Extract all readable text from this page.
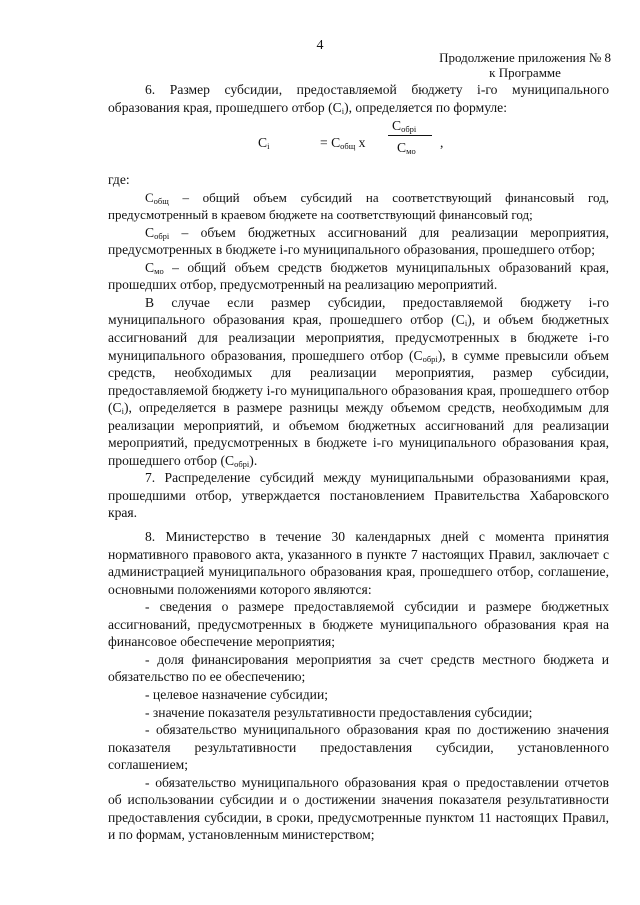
4
Продолжение приложения № 8
к Программе

6. Размер субсидии, предоставляемой бюджету i-го муниципального образования края, прошедшего отбор $(C_i)$, определяется по формуле:

$C_i$	= $C_{общ}$ x
$C_{обрi}$
$C_{мо}$
,

где:

$C_{общ}$ – общий объем субсидий на соответствующий финансовый год, предусмотренный в краевом бюджете на соответствующий финансовый год;

$C_{обрi}$ – объем бюджетных ассигнований для реализации мероприятия, предусмотренных в бюджете i-го муниципального образования, прошедшего отбор;

$C_{мо}$ – общий объем средств бюджетов муниципальных образований края, прошедших отбор, предусмотренный на реализацию мероприятий.

В случае если размер субсидии, предоставляемой бюджету i-го муниципального образования края, прошедшего отбор $(C_i)$, и объем бюджетных ассигнований для реализации мероприятия, предусмотренных в бюджете i-го муниципального образования, прошедшего отбор $(C_{обрi})$, в сумме превысили объем средств, необходимых для реализации мероприятия, размер субсидии, предоставляемой бюджету i-го муниципального образования края, прошедшего отбор $(C_i)$, определяется в размере разницы между объемом средств, необходимым для реализации мероприятий, и объемом бюджетных ассигнований для реализации мероприятий, предусмотренных в бюджете i-го муниципального образования края, прошедшего отбор $(C_{обрi})$.

7. Распределение субсидий между муниципальными образованиями края, прошедшими отбор, утверждается постановлением Правительства Хабаровского края.

8. Министерство в течение 30 календарных дней с момента принятия нормативного правового акта, указанного в пункте 7 настоящих Правил, заключает с администрацией муниципального образования края, прошедшего отбор, соглашение, основными положениями которого являются:

- сведения о размере предоставляемой субсидии и размере бюджетных ассигнований, предусмотренных в бюджете муниципального образования края на финансовое обеспечение мероприятия;

- доля финансирования мероприятия за счет средств местного бюджета и обязательство по ее обеспечению;

- целевое назначение субсидии;

- значение показателя результативности предоставления субсидии;

- обязательство муниципального образования края по достижению значения показателя результативности предоставления субсидии, установленного соглашением;

- обязательство муниципального образования края о предоставлении отчетов об использовании субсидии и о достижении значения показателя результативности предоставления субсидии, в сроки, предусмотренные пунктом 11 настоящих Правил, и по формам, установленным министерством;
